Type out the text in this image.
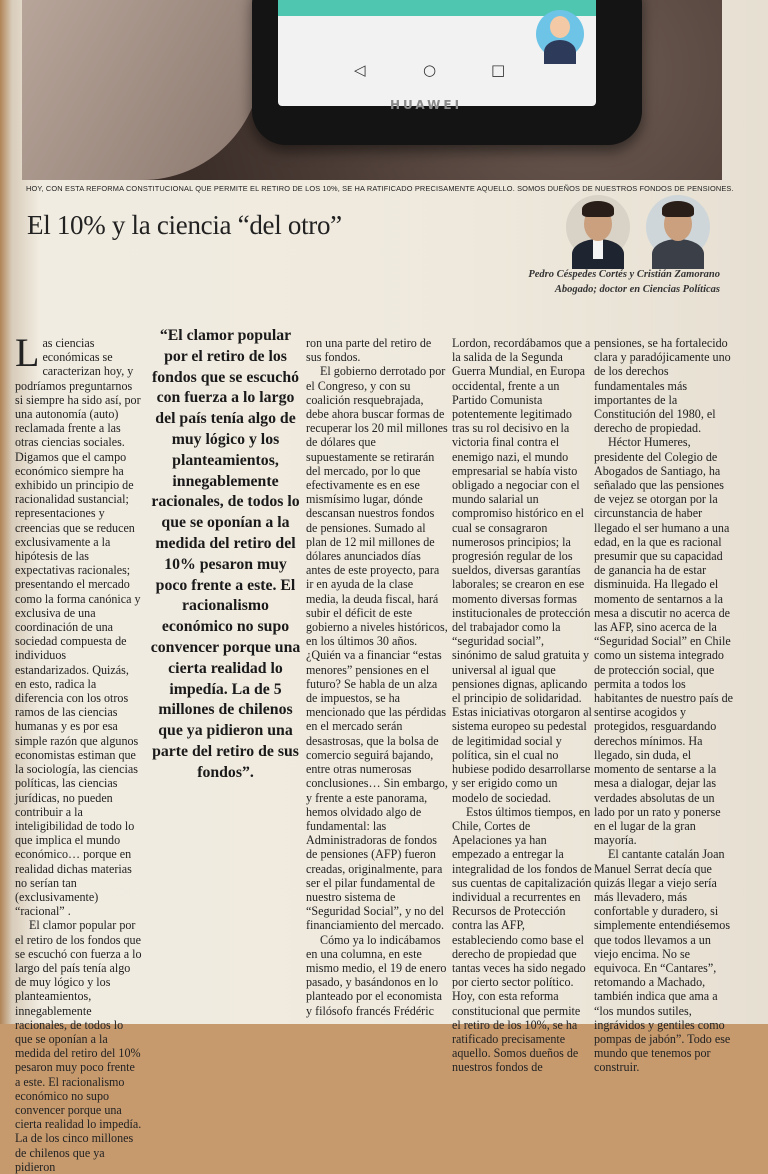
◁	○	□
HUAWEI
HOY, CON ESTA REFORMA CONSTITUCIONAL QUE PERMITE EL RETIRO DE LOS 10%, SE HA RATIFICADO PRECISAMENTE AQUELLO. SOMOS DUEÑOS DE NUESTROS FONDOS DE PENSIONES.
El 10% y la ciencia “del otro”
Pedro Céspedes Cortés y Cristián Zamorano
Abogado; doctor en Ciencias Políticas

Las ciencias económicas se caracterizan hoy, y podríamos preguntarnos si siempre ha sido así, por una autonomía (auto) reclamada frente a las otras ciencias sociales. Digamos que el campo económico siempre ha exhibido un principio de racionalidad sustancial; representaciones y creencias que se reducen exclusivamente a la hipótesis de las expectativas racionales; presentando el mercado como la forma canónica y exclusiva de una coordinación de una sociedad compuesta de individuos estandarizados. Quizás, en esto, radica la diferencia con los otros ramos de las ciencias humanas y es por esa simple razón que algunos economistas estiman que la sociología, las ciencias políticas, las ciencias jurídicas, no pueden contribuir a la inteligibilidad de todo lo que implica el mundo económico… porque en realidad dichas materias no serían tan (exclusivamente) “racional” .

El clamor popular por el retiro de los fondos que se escuchó con fuerza a lo largo del país tenía algo de muy lógico y los planteamientos, innegablemente racionales, de todos lo que se oponían a la medida del retiro del 10% pesaron muy poco frente a este. El racionalismo económico no supo convencer porque una cierta realidad lo impedía. La de los cinco millones de chilenos que ya pidieron

“El clamor popular por el retiro de los fondos que se escuchó con fuerza a lo largo del país tenía algo de muy lógico y los planteamientos, innegablemente racionales, de todos lo que se oponían a la medida del retiro del 10% pesaron muy poco frente a este. El racionalismo económico no supo convencer porque una cierta realidad lo impedía. La de 5 millones de chilenos que ya pidieron una parte del retiro de sus fondos”.

ron una parte del retiro de sus fondos.

El gobierno derrotado por el Congreso, y con su coalición resquebrajada, debe ahora buscar formas de recuperar los 20 mil millones de dólares que supuestamente se retirarán del mercado, por lo que efectivamente es en ese mismísimo lugar, dónde descansan nuestros fondos de pensiones. Sumado al plan de 12 mil millones de dólares anunciados días antes de este proyecto, para ir en ayuda de la clase media, la deuda fiscal, hará subir el déficit de este gobierno a niveles históricos, en los últimos 30 años. ¿Quién va a financiar “estas menores” pensiones en el futuro? Se habla de un alza de impuestos, se ha mencionado que las pérdidas en el mercado serán desastrosas, que la bolsa de comercio seguirá bajando, entre otras numerosas conclusiones… Sin embargo, y frente a este panorama, hemos olvidado algo de fundamental: las Administradoras de fondos de pensiones (AFP) fueron creadas, originalmente, para ser el pilar fundamental de nuestro sistema de “Seguridad Social”, y no del financiamiento del mercado.

Cómo ya lo indicábamos en una columna, en este mismo medio, el 19 de enero pasado, y basándonos en lo planteado por el economista y filósofo francés Frédéric

Lordon, recordábamos que a la salida de la Segunda Guerra Mundial, en Europa occidental, frente a un Partido Comunista potentemente legitimado tras su rol decisivo en la victoria final contra el enemigo nazi, el mundo empresarial se había visto obligado a negociar con el mundo salarial un compromiso histórico en el cual se consagraron numerosos principios; la progresión regular de los sueldos, diversas garantías laborales; se crearon en ese momento diversas formas institucionales de protección del trabajador como la “seguridad social”, sinónimo de salud gratuita y universal al igual que pensiones dignas, aplicando el principio de solidaridad. Estas iniciativas otorgaron al sistema europeo su pedestal de legitimidad social y política, sin el cual no hubiese podido desarrollarse y ser erigido como un modelo de sociedad.

Estos últimos tiempos, en Chile, Cortes de Apelaciones ya han empezado a entregar la integralidad de los fondos de sus cuentas de capitalización individual a recurrentes en Recursos de Protección contra las AFP, estableciendo como base el derecho de propiedad que tantas veces ha sido negado por cierto sector político. Hoy, con esta reforma constitucional que permite el retiro de los 10%, se ha ratificado precisamente aquello. Somos dueños de nuestros fondos de

pensiones, se ha fortalecido clara y paradójicamente uno de los derechos fundamentales más importantes de la Constitución del 1980, el derecho de propiedad.

Héctor Humeres, presidente del Colegio de Abogados de Santiago, ha señalado que las pensiones de vejez se otorgan por la circunstancia de haber llegado el ser humano a una edad, en la que es racional presumir que su capacidad de ganancia ha de estar disminuida. Ha llegado el momento de sentarnos a la mesa a discutir no acerca de las AFP, sino acerca de la “Seguridad Social” en Chile como un sistema integrado de protección social, que permita a todos los habitantes de nuestro país de sentirse acogidos y protegidos, resguardando derechos mínimos. Ha llegado, sin duda, el momento de sentarse a la mesa a dialogar, dejar las verdades absolutas de un lado por un rato y ponerse en el lugar de la gran mayoría.

El cantante catalán Joan Manuel Serrat decía que quizás llegar a viejo sería más llevadero, más confortable y duradero, si simplemente entendiésemos que todos llevamos a un viejo encima. No se equivoca. En “Cantares”, retomando a Machado, también indica que ama a “los mundos sutiles, ingrávidos y gentiles como pompas de jabón”. Todo ese mundo que tenemos por construir.
